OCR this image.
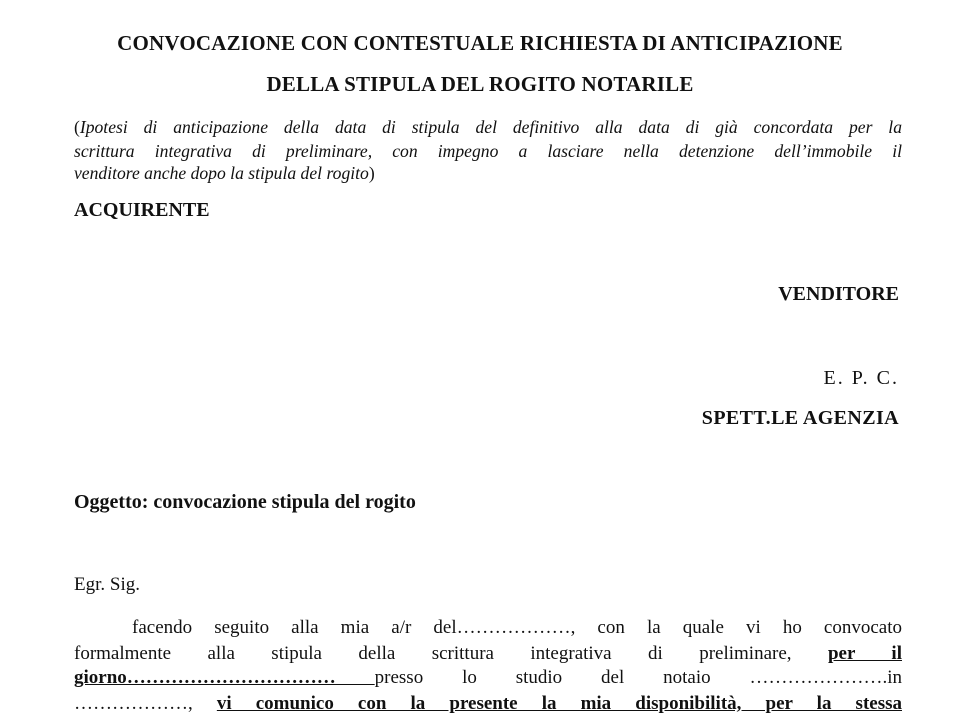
CONVOCAZIONE CON CONTESTUALE RICHIESTA DI ANTICIPAZIONE
DELLA STIPULA DEL ROGITO NOTARILE
(Ipotesi di anticipazione della data di stipula del definitivo alla data di già concordata per la
scrittura integrativa di preliminare, con impegno a lasciare nella detenzione dell’immobile il
venditore anche dopo la stipula del rogito)
ACQUIRENTE
VENDITORE
E. P. C.
SPETT.LE AGENZIA
Oggetto: convocazione stipula del rogito
Egr. Sig.
facendo seguito alla mia a/r del………………, con la quale vi ho convocato
formalmente alla stipula della scrittura integrativa di preliminare, per il
giorno…………………………… presso lo studio del notaio ………………….in
………………, vi comunico con la presente la mia disponibilità, per la stessa
